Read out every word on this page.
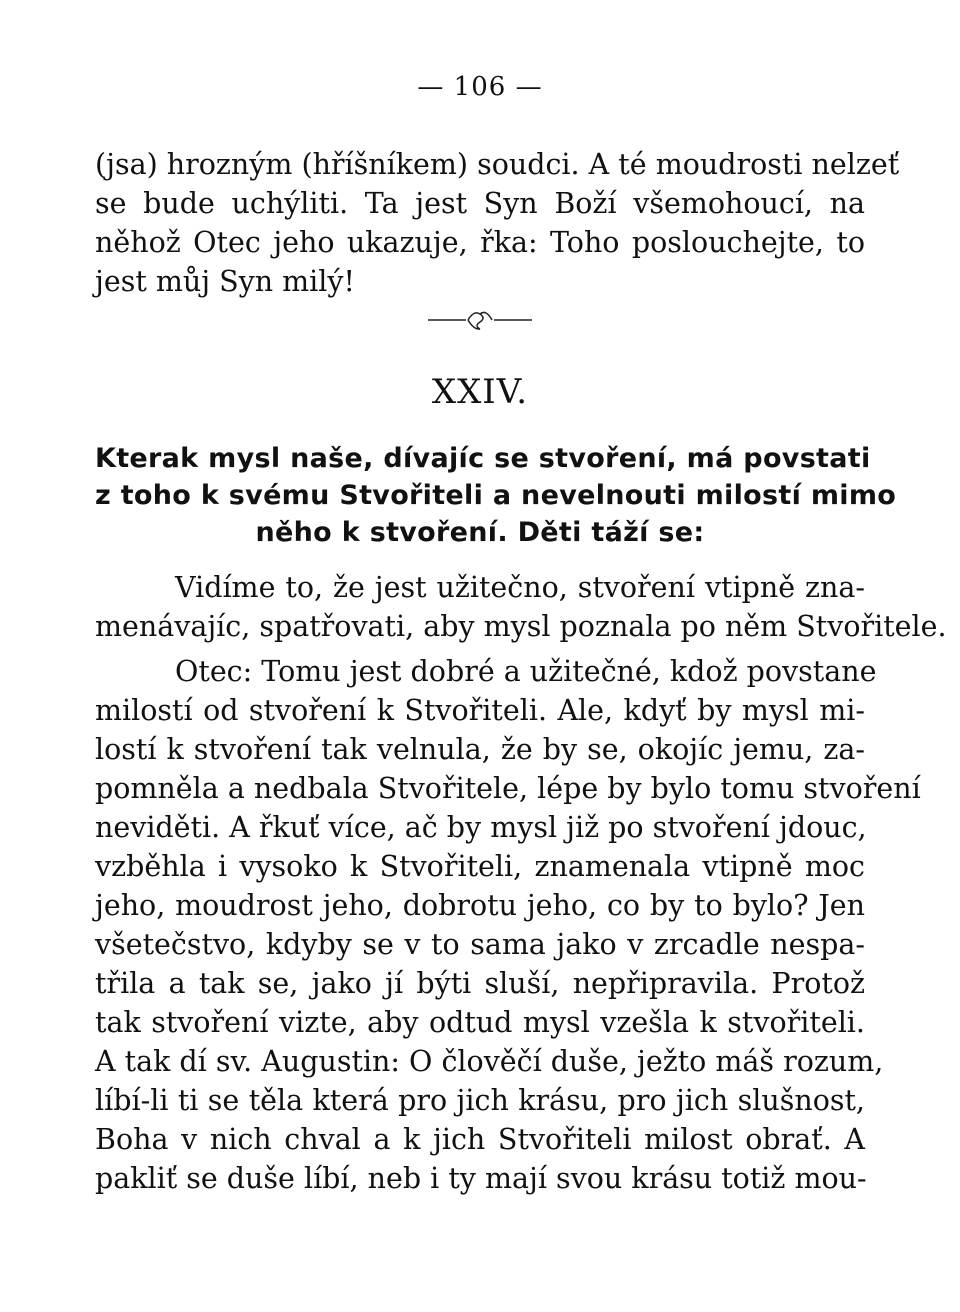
— 106 —
(jsa) hrozným (hříšníkem) soudci. A té moudrosti nelzeť
se bude uchýliti. Ta jest Syn Boží všemohoucí, na
něhož Otec jeho ukazuje, řka: Toho poslouchejte, to
jest můj Syn milý!
XXIV.
Kterak mysl naše, dívajíc se stvoření, má povstati
z toho k svému Stvořiteli a nevelnouti milostí mimo
něho k stvoření. Děti táží se:
Vidíme to, že jest užitečno, stvoření vtipně zna-
menávajíc, spatřovati, aby mysl poznala po něm Stvořitele.
Otec: Tomu jest dobré a užitečné, kdož povstane
milostí od stvoření k Stvořiteli. Ale, kdyť by mysl mi-
lostí k stvoření tak velnula, že by se, okojíc jemu, za-
pomněla a nedbala Stvořitele, lépe by bylo tomu stvoření
neviděti. A řkuť více, ač by mysl již po stvoření jdouc,
vzběhla i vysoko k Stvořiteli, znamenala vtipně moc
jeho, moudrost jeho, dobrotu jeho, co by to bylo? Jen
všetečstvo, kdyby se v to sama jako v zrcadle nespa-
třila a tak se, jako jí býti sluší, nepřipravila. Protož
tak stvoření vizte, aby odtud mysl vzešla k stvořiteli.
A tak dí sv. Augustin: O člověčí duše, ježto máš rozum,
líbí-li ti se těla která pro jich krásu, pro jich slušnost,
Boha v nich chval a k jich Stvořiteli milost obrať. A
pakliť se duše líbí, neb i ty mají svou krásu totiž mou-
